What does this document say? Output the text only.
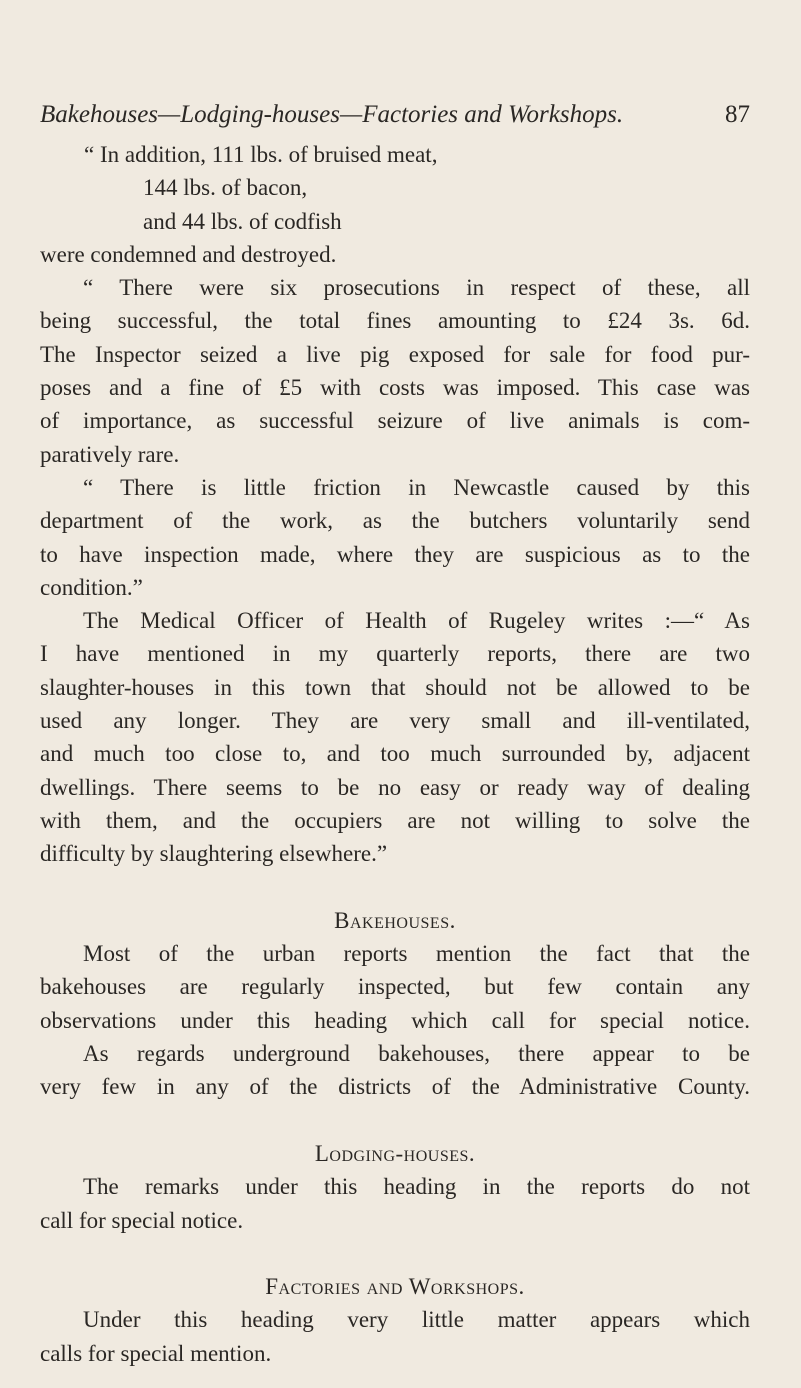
Bakehouses—Lodging-houses—Factories and Workshops.	87
“ In addition, 111 lbs. of bruised meat,
144 lbs. of bacon,
and 44 lbs. of codfish
were condemned and destroyed.
“ There were six prosecutions in respect of these, all
being successful, the total fines amounting to £24 3s. 6d.
The Inspector seized a live pig exposed for sale for food pur-
poses and a fine of £5 with costs was imposed. This case was
of importance, as successful seizure of live animals is com-
paratively rare.
“ There is little friction in Newcastle caused by this
department of the work, as the butchers voluntarily send
to have inspection made, where they are suspicious as to the
condition.”
The Medical Officer of Health of Rugeley writes :—“ As
I have mentioned in my quarterly reports, there are two
slaughter-houses in this town that should not be allowed to be
used any longer. They are very small and ill-ventilated,
and much too close to, and too much surrounded by, adjacent
dwellings. There seems to be no easy or ready way of dealing
with them, and the occupiers are not willing to solve the
difficulty by slaughtering elsewhere.”
Bakehouses.
Most of the urban reports mention the fact that the
bakehouses are regularly inspected, but few contain any
observations under this heading which call for special notice.
As regards underground bakehouses, there appear to be
very few in any of the districts of the Administrative County.
Lodging-houses.
The remarks under this heading in the reports do not
call for special notice.
Factories and Workshops.
Under this heading very little matter appears which
calls for special mention.
